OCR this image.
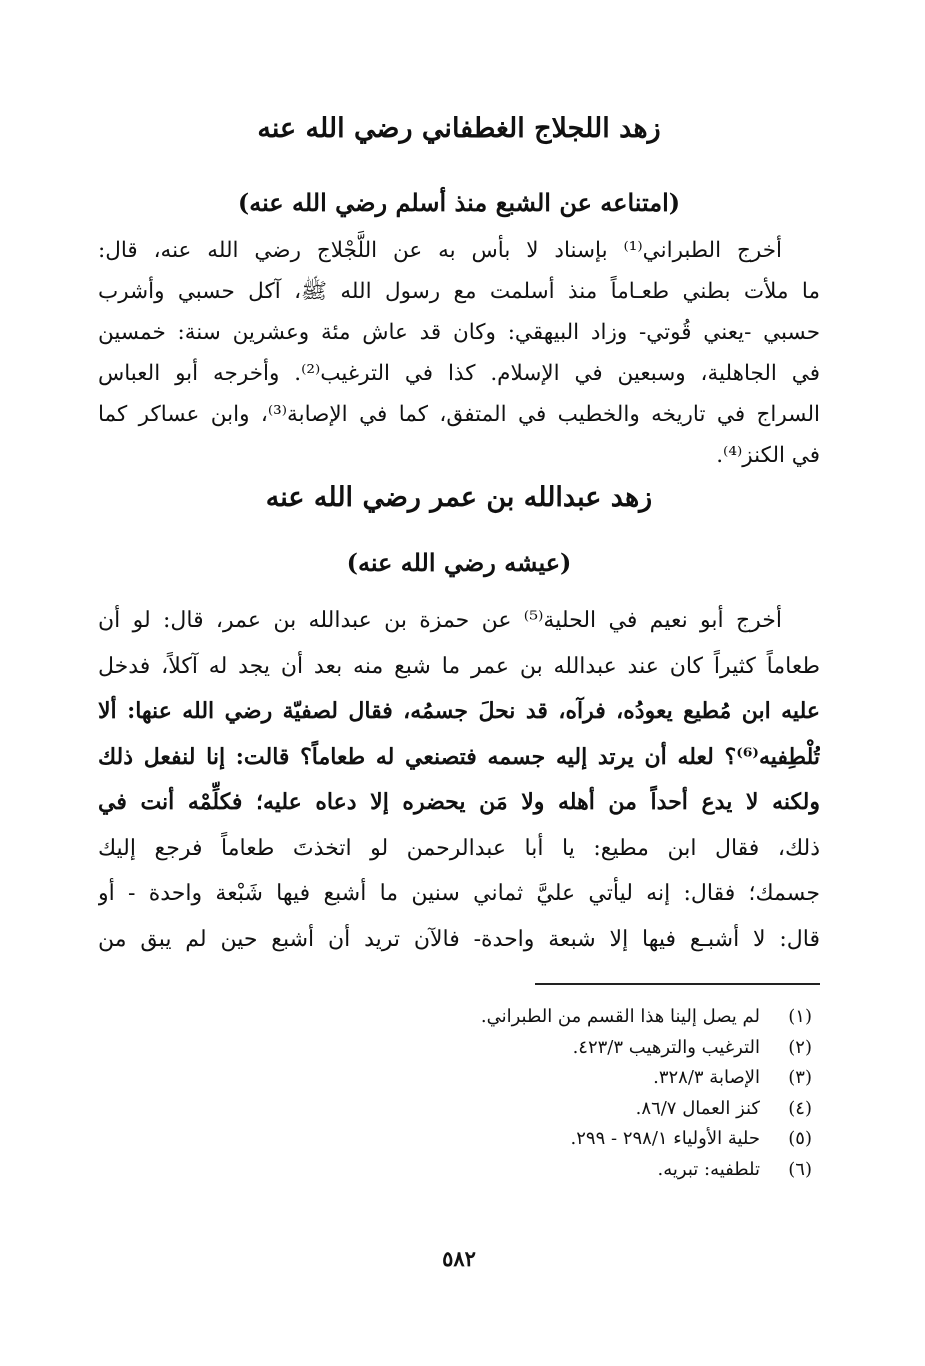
زهد اللجلاج الغطفاني رضي الله عنه
(امتناعه عن الشبع منذ أسلم رضي الله عنه)
أخرج الطبراني⁽¹⁾ بإسناد لا بأس به عن اللَّجْلاج رضي الله عنه، قال:
ما ملأت بطني طعـاماً منذ أسلمت مع رسول الله ﷺ، آكل حسبي وأشرب
حسبي -يعني قُوتي- وزاد البيهقي: وكان قد عاش مئة وعشرين سنة: خمسين
في الجاهلية، وسبعين في الإسلام. كذا في الترغيب⁽²⁾. وأخرجه أبو العباس
السراج في تاريخه والخطيب في المتفق، كما في الإصابة⁽³⁾، وابن عساكر كما
في الكنز⁽⁴⁾.
زهد عبدالله بن عمر رضي الله عنه
(عيشه رضي الله عنه)
أخرج أبو نعيم في الحلية⁽⁵⁾ عن حمزة بن عبدالله بن عمر، قال: لو أن
طعاماً كثيراً كان عند عبدالله بن عمر ما شبع منه بعد أن يجد له آكلاً، فدخل
عليه ابن مُطيع يعودُه، فرآه، قد نحلَ جسمُه، فقال لصفيّة رضي الله عنها: ألا
تُلْطِفيه⁽⁶⁾؟ لعله أن يرتد إليه جسمه فتصنعي له طعاماً؟ قالت: إنا لنفعل ذلك
ولكنه لا يدع أحداً من أهله ولا مَن يحضره إلا دعاه عليه؛ فكلِّمْه أنت في
ذلك، فقال ابن مطيع: يا أبا عبدالرحمن لو اتخذتَ طعاماً فرجع إليك
جسمك؛ فقال: إنه ليأتي عليَّ ثماني سنين ما أشبع فيها شَبْعة واحدة - أو
قال: لا أشبـع فيها إلا شبعة واحدة- فالآن تريد أن أشبع حين لم يبق من
(١)لم يصل إلينا هذا القسم من الطبراني.
(٢)الترغيب والترهيب ٤٢٣/٣.
(٣)الإصابة ٣٢٨/٣.
(٤)كنز العمال ٨٦/٧.
(٥)حلية الأولياء ٢٩٨/١ - ٢٩٩.
(٦)تلطفيه: تبريه.
٥٨٢
